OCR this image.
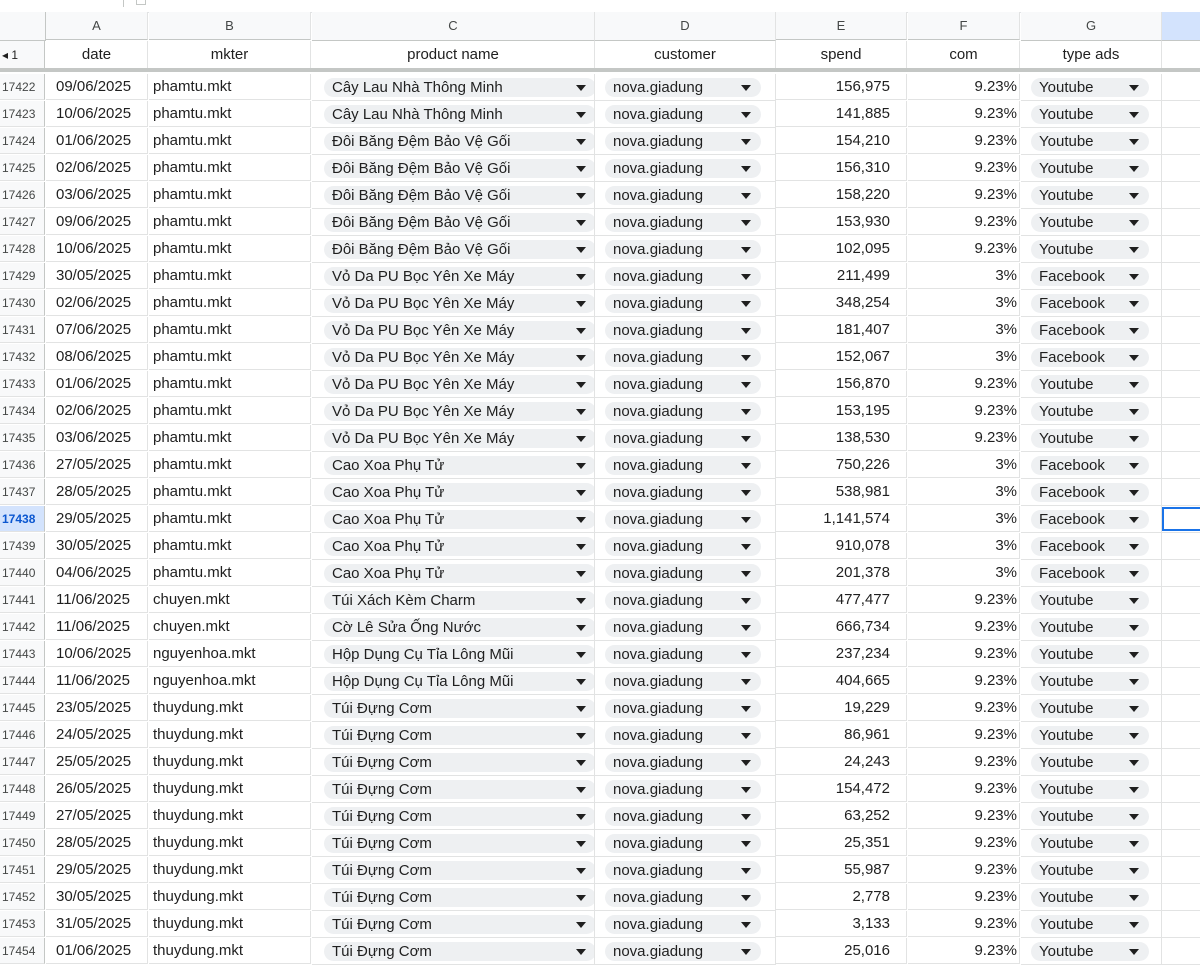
A	B	C	D	E	F	G
◂ 1	date	mkter	product name	customer	spend	com	type ads
17422	09/06/2025	phamtu.mkt	Cây Lau Nhà Thông Minh	nova.giadung	156,975	9.23%	Youtube
17423	10/06/2025	phamtu.mkt	Cây Lau Nhà Thông Minh	nova.giadung	141,885	9.23%	Youtube
17424	01/06/2025	phamtu.mkt	Đôi Băng Đệm Bảo Vệ Gối	nova.giadung	154,210	9.23%	Youtube
17425	02/06/2025	phamtu.mkt	Đôi Băng Đệm Bảo Vệ Gối	nova.giadung	156,310	9.23%	Youtube
17426	03/06/2025	phamtu.mkt	Đôi Băng Đệm Bảo Vệ Gối	nova.giadung	158,220	9.23%	Youtube
17427	09/06/2025	phamtu.mkt	Đôi Băng Đệm Bảo Vệ Gối	nova.giadung	153,930	9.23%	Youtube
17428	10/06/2025	phamtu.mkt	Đôi Băng Đệm Bảo Vệ Gối	nova.giadung	102,095	9.23%	Youtube
17429	30/05/2025	phamtu.mkt	Vỏ Da PU Bọc Yên Xe Máy	nova.giadung	211,499	3%	Facebook
17430	02/06/2025	phamtu.mkt	Vỏ Da PU Bọc Yên Xe Máy	nova.giadung	348,254	3%	Facebook
17431	07/06/2025	phamtu.mkt	Vỏ Da PU Bọc Yên Xe Máy	nova.giadung	181,407	3%	Facebook
17432	08/06/2025	phamtu.mkt	Vỏ Da PU Bọc Yên Xe Máy	nova.giadung	152,067	3%	Facebook
17433	01/06/2025	phamtu.mkt	Vỏ Da PU Bọc Yên Xe Máy	nova.giadung	156,870	9.23%	Youtube
17434	02/06/2025	phamtu.mkt	Vỏ Da PU Bọc Yên Xe Máy	nova.giadung	153,195	9.23%	Youtube
17435	03/06/2025	phamtu.mkt	Vỏ Da PU Bọc Yên Xe Máy	nova.giadung	138,530	9.23%	Youtube
17436	27/05/2025	phamtu.mkt	Cao Xoa Phụ Tử	nova.giadung	750,226	3%	Facebook
17437	28/05/2025	phamtu.mkt	Cao Xoa Phụ Tử	nova.giadung	538,981	3%	Facebook
17438	29/05/2025	phamtu.mkt	Cao Xoa Phụ Tử	nova.giadung	1,141,574	3%	Facebook
17439	30/05/2025	phamtu.mkt	Cao Xoa Phụ Tử	nova.giadung	910,078	3%	Facebook
17440	04/06/2025	phamtu.mkt	Cao Xoa Phụ Tử	nova.giadung	201,378	3%	Facebook
17441	11/06/2025	chuyen.mkt	Túi Xách Kèm Charm	nova.giadung	477,477	9.23%	Youtube
17442	11/06/2025	chuyen.mkt	Cờ Lê Sửa Ống Nước	nova.giadung	666,734	9.23%	Youtube
17443	10/06/2025	nguyenhoa.mkt	Hộp Dụng Cụ Tỉa Lông Mũi	nova.giadung	237,234	9.23%	Youtube
17444	11/06/2025	nguyenhoa.mkt	Hộp Dụng Cụ Tỉa Lông Mũi	nova.giadung	404,665	9.23%	Youtube
17445	23/05/2025	thuydung.mkt	Túi Đựng Cơm	nova.giadung	19,229	9.23%	Youtube
17446	24/05/2025	thuydung.mkt	Túi Đựng Cơm	nova.giadung	86,961	9.23%	Youtube
17447	25/05/2025	thuydung.mkt	Túi Đựng Cơm	nova.giadung	24,243	9.23%	Youtube
17448	26/05/2025	thuydung.mkt	Túi Đựng Cơm	nova.giadung	154,472	9.23%	Youtube
17449	27/05/2025	thuydung.mkt	Túi Đựng Cơm	nova.giadung	63,252	9.23%	Youtube
17450	28/05/2025	thuydung.mkt	Túi Đựng Cơm	nova.giadung	25,351	9.23%	Youtube
17451	29/05/2025	thuydung.mkt	Túi Đựng Cơm	nova.giadung	55,987	9.23%	Youtube
17452	30/05/2025	thuydung.mkt	Túi Đựng Cơm	nova.giadung	2,778	9.23%	Youtube
17453	31/05/2025	thuydung.mkt	Túi Đựng Cơm	nova.giadung	3,133	9.23%	Youtube
17454	01/06/2025	thuydung.mkt	Túi Đựng Cơm	nova.giadung	25,016	9.23%	Youtube
